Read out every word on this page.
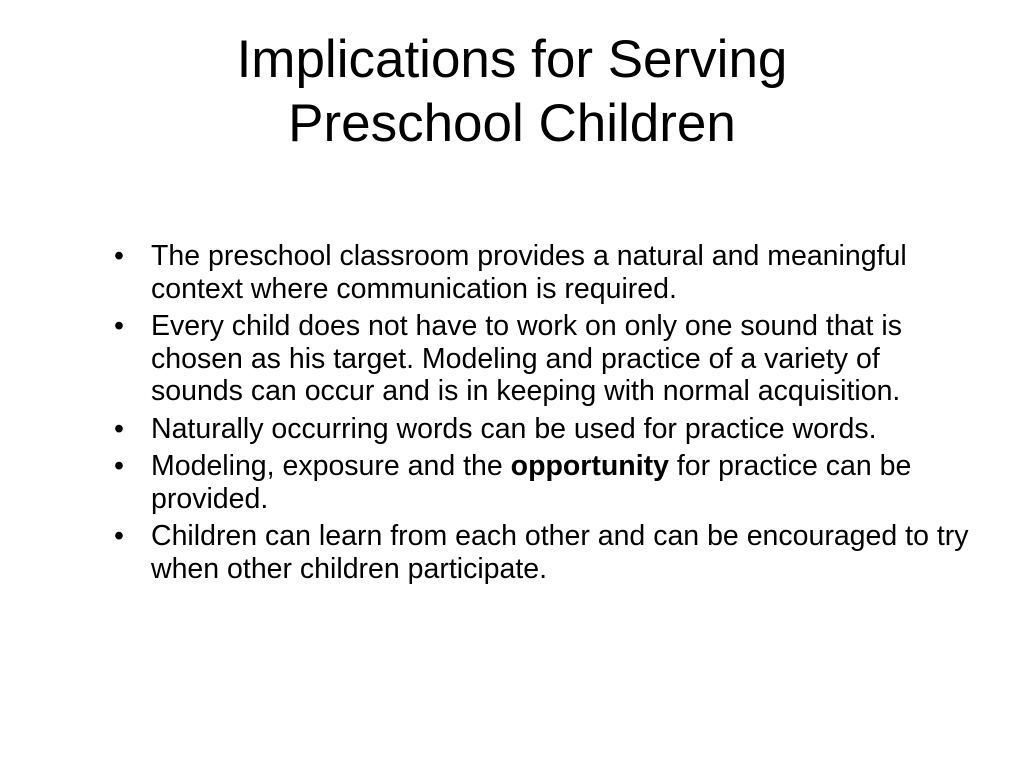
Implications for Serving
Preschool Children
• The preschool classroom provides a natural and meaningful context where communication is required.
• Every child does not have to work on only one sound that is chosen as his target. Modeling and practice of a variety of sounds can occur and is in keeping with normal acquisition.
• Naturally occurring words can be used for practice words.
• Modeling, exposure and the opportunity for practice can be provided.
• Children can learn from each other and can be encouraged to try when other children participate.
